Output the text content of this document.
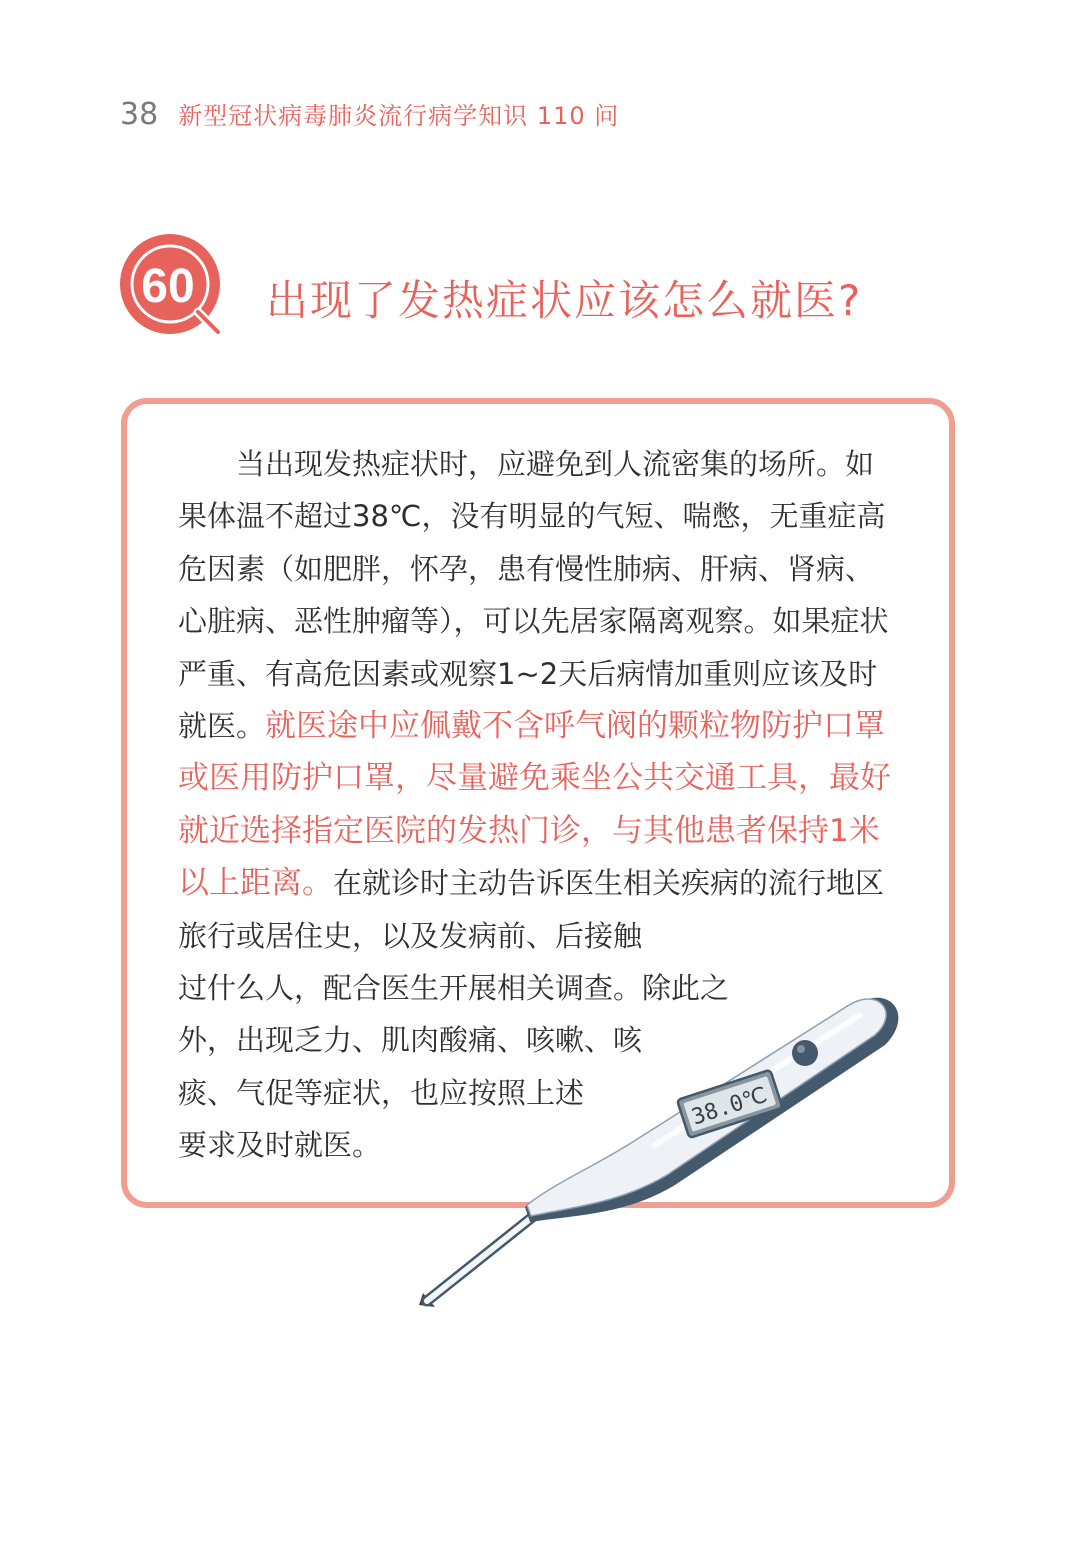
38 新型冠状病毒肺炎流行病学知识 110 问
60 出现了发热症状应该怎么就医?

当出现发热症状时，应避免到人流密集的场所。如果体温不超过38℃，没有明显的气短、喘憋，无重症高危因素（如肥胖，怀孕，患有慢性肺病、肝病、肾病、心脏病、恶性肿瘤等），可以先居家隔离观察。如果症状严重、有高危因素或观察1~2天后病情加重则应该及时就医。就医途中应佩戴不含呼气阀的颗粒物防护口罩或医用防护口罩，尽量避免乘坐公共交通工具，最好就近选择指定医院的发热门诊，与其他患者保持1米以上距离。在就诊时主动告诉医生相关疾病的流行地区旅行或居住史，以及发病前、后接触

过什么人，配合医生开展相关调查。除此之
外，出现乏力、肌肉酸痛、咳嗽、咳
痰、气促等症状，也应按照上述
要求及时就医。
38.0℃
